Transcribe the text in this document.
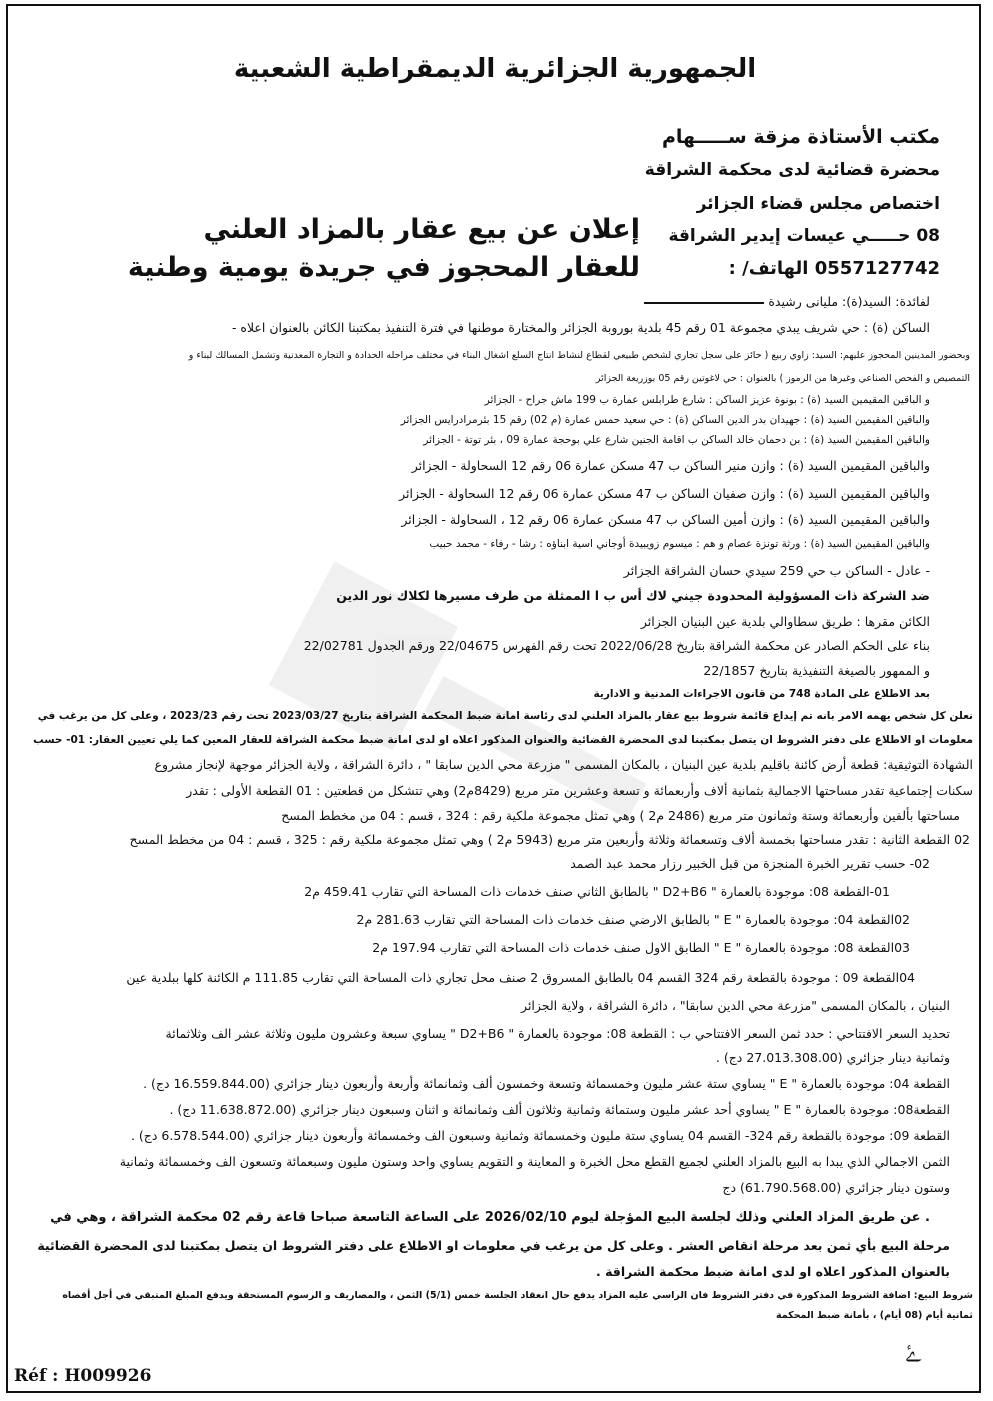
الجمهورية الجزائرية الديمقراطية الشعبية
مكتب الأستاذة مزقة ســـــهام
محضرة قضائية لدى محكمة الشراقة
اختصاص مجلس قضاء الجزائر
08 حـــــي عيسات إيدير الشراقة
0557127742 الهاتف/ :
إعلان عن بيع عقار بالمزاد العلني
للعقار المحجوز في جريدة يومية وطنية
لفائدة: السيد(ة): مليانى رشيدة
الساكن (ة) : حي شريف يبدي مجموعة 01 رقم 45 بلدية بوروبة الجزائر والمختارة موطنها في فترة التنفيذ بمكتبنا الكائن بالعنوان اعلاه -
وبحضور المدينين المحجوز عليهم: السيد: زاوي ربيع ( حائز على سجل تجاري لشخص طبيعي لقطاع لنشاط انتاج السلع اشغال البناء في مختلف مراحله الحدادة و التجارة المعدنية وتشمل المسالك لبناء و
التمصيص و الفحص الصناعي وغيرها من الرموز ) بالعنوان : حي لاغوتين رقم 05 بوزريعة الجزائر
و الباقين المقيمين السيد (ة) : بونوة عزيز الساكن : شارع طرابلس عمارة ب 199 ماش جراح - الجزائر
والباقين المقيمين السيد (ة) : جهيدان بدر الدين الساكن (ة) : حي سعيد حمس عمارة (م 02) رقم 15 بئرمرادرايس الجزائر
والباقين المقيمين السيد (ة) : بن دحمان خالد الساكن ب اقامة الجنين شارع علي بوحجة عمارة 09 ، بئر توتة - الجزائر
والباقين المقيمين السيد (ة) : وازن منير الساكن ب 47 مسكن عمارة 06 رقم 12 السحاولة - الجزائر
والباقين المقيمين السيد (ة) : وازن صفيان الساكن ب 47 مسكن عمارة 06 رقم 12 السحاولة - الجزائر
والباقين المقيمين السيد (ة) : وازن أمين الساكن ب 47 مسكن عمارة 06 رقم 12 ، السحاولة - الجزائر
والباقين المقيمين السيد (ة) : ورثة تونزة عصام و هم : ميسوم زويبيدة أوجاني اسية ابناؤه : رشا - رفاء - محمد حبيب
- عادل - الساكن ب حي 259 سيدي حسان الشراقة الجزائر
ضد الشركة ذات المسؤولية المحدودة جيني لاك أس ب ا الممثلة من طرف مسيرها لكلاك نور الدين
الكائن مقرها : طريق سطاوالي بلدية عين البنيان الجزائر
بناء على الحكم الصادر عن محكمة الشراقة بتاريخ 2022/06/28 تحت رقم الفهرس 22/04675 ورقم الجدول 22/02781
و الممهور بالصيغة التنفيذية بتاريخ 22/1857
بعد الاطلاع على المادة 748 من قانون الاجراءات المدنية و الادارية
نعلن كل شخص يهمه الامر بانه تم إيداع قائمة شروط بيع عقار بالمزاد العلني لدى رئاسة امانة ضبط المحكمة الشراقة بتاريخ 2023/03/27 تحت رقم 2023/23 ، وعلى كل من يرغب في
معلومات او الاطلاع على دفتر الشروط ان يتصل بمكتبنا لدى المحضرة القضائية والعنوان المذكور اعلاه او لدى امانة ضبط محكمة الشراقة للعقار المعين كما يلي تعيين العقار: 01- حسب
الشهادة التوثيقية: قطعة أرض كائنة باقليم بلدية عين البنيان ، بالمكان المسمى " مزرعة محي الدين سابقا " ، دائرة الشراقة ، ولاية الجزائر موجهة لإنجاز مشروع
سكنات إجتماعية تقدر مساحتها الاجمالية بثمانية ألاف وأربعمائة و تسعة وعشرين متر مربع (8429م2) وهي تتشكل من قطعتين : 01 القطعة الأولى : تقدر
مساحتها بألفين وأربعمائة وستة وثمانون متر مربع (2486 م2 ) وهي تمثل مجموعة ملكية رقم : 324 ، قسم : 04 من مخطط المسح
02 القطعة الثانية : تقدر مساحتها بخمسة ألاف وتسعمائة وثلاثة وأربعين متر مربع (5943 م2 ) وهي تمثل مجموعة ملكية رقم : 325 ، قسم : 04 من مخطط المسح
02- حسب تقرير الخبرة المنجزة من قبل الخبير رزار محمد عبد الصمد
01-القطعة 08: موجودة بالعمارة " D2+B6 " بالطابق الثاني صنف خدمات ذات المساحة التي تقارب 459.41 م2
02القطعة 04: موجودة بالعمارة " E " بالطابق الارضي صنف خدمات ذات المساحة التي تقارب 281.63 م2
03القطعة 08: موجودة بالعمارة " E " الطابق الاول صنف خدمات ذات المساحة التي تقارب 197.94 م2
04القطعة 09 : موجودة بالقطعة رقم 324 القسم 04 بالطابق المسروق 2 صنف محل تجاري ذات المساحة التي تقارب 111.85 م الكائنة كلها ببلدية عين
البنيان ، بالمكان المسمى "مزرعة محي الدين سابقا" ، دائرة الشراقة ، ولاية الجزائر
تحديد السعر الافتتاحي : حدد ثمن السعر الافتتاحي ب : القطعة 08: موجودة بالعمارة " D2+B6 " يساوي سبعة وعشرون مليون وثلاثة عشر الف وثلاثمائة
وثمانية دينار جزائري (27.013.308.00 دج) .
القطعة 04: موجودة بالعمارة " E " يساوي ستة عشر مليون وخمسمائة وتسعة وخمسون ألف وثمانمائة وأربعة وأربعون دينار جزائري (16.559.844.00 دج) .
القطعة08: موجودة بالعمارة " E " يساوي أحد عشر مليون وستمائة وثمانية وثلاثون ألف وثمانمائة و اثنان وسبعون دينار جزائري (11.638.872.00 دج) .
القطعة 09: موجودة بالقطعة رقم 324- القسم 04 يساوي ستة مليون وخمسمائة وثمانية وسبعون الف وخمسمائة وأربعون دينار جزائري (6.578.544.00 دج) .
الثمن الاجمالي الذي يبدا به البيع بالمزاد العلني لجميع القطع محل الخبرة و المعاينة و التقويم يساوي واحد وستون مليون وسبعمائة وتسعون الف وخمسمائة وثمانية
وستون دينار جزائري (61.790.568.00) دج
. عن طريق المزاد العلني وذلك لجلسة البيع المؤجلة ليوم 2026/02/10 على الساعة التاسعة صباحا قاعة رقم 02 محكمة الشراقة ، وهي في
مرحلة البيع بأي ثمن بعد مرحلة انقاص العشر . وعلى كل من يرغب في معلومات او الاطلاع على دفتر الشروط ان يتصل بمكتبنا لدى المحضرة القضائية
بالعنوان المذكور اعلاه او لدى امانة ضبط محكمة الشراقة .
شروط البيع: اضافة الشروط المذكورة في دفتر الشروط فان الراسي عليه المزاد يدفع حال انعقاد الجلسة خمس (5/1) الثمن ، والمصاريف و الرسوم المستحقة ويدفع المبلغ المتبقي في أجل أقصاه
ثمانية أيام (08 أيام) ، بأمانة ضبط المحكمة
ﮰ
Réf : H009926
